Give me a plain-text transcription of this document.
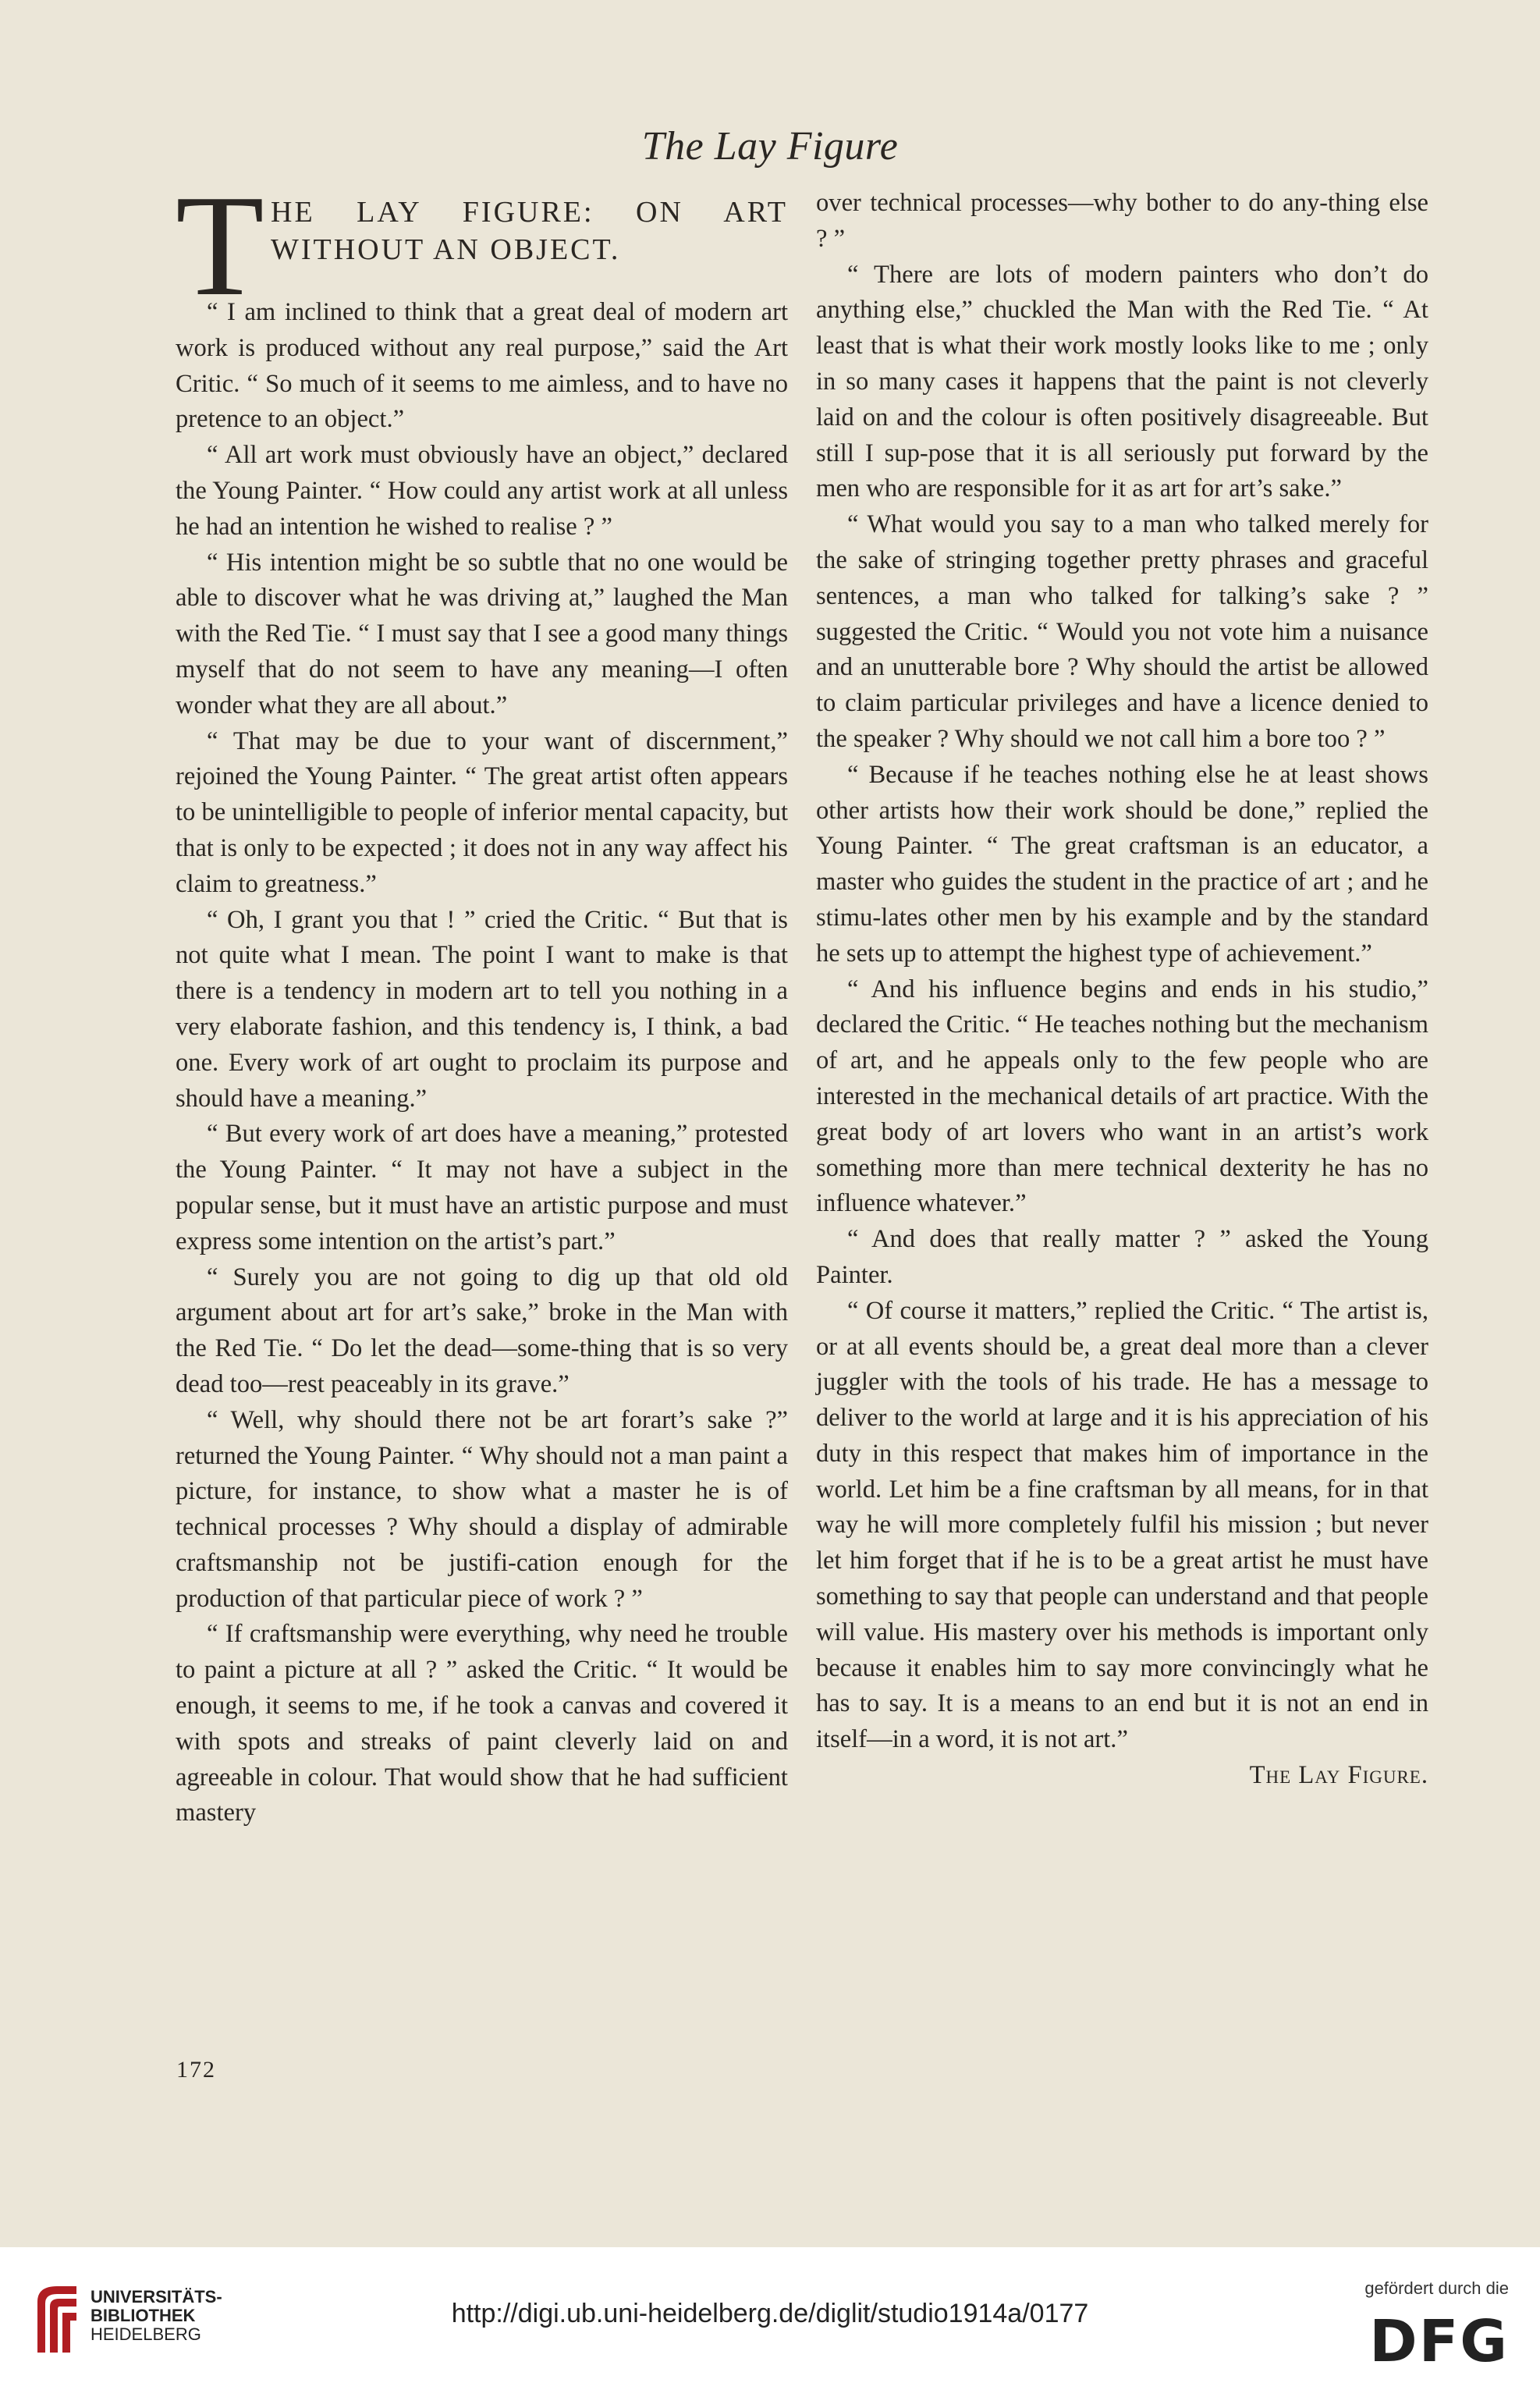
The Lay Figure
T HE LAY FIGURE: ON ART
WITHOUT AN OBJECT.

“ I am inclined to think that a great deal of modern art work is produced without any real purpose,” said the Art Critic. “ So much of it seems to me aimless, and to have no pretence to an object.”

“ All art work must obviously have an object,” declared the Young Painter. “ How could any artist work at all unless he had an intention he wished to realise ? ”

“ His intention might be so subtle that no one would be able to discover what he was driving at,” laughed the Man with the Red Tie. “ I must say that I see a good many things myself that do not seem to have any meaning—I often wonder what they are all about.”

“ That may be due to your want of discernment,” rejoined the Young Painter. “ The great artist often appears to be unintelligible to people of inferior mental capacity, but that is only to be expected ; it does not in any way affect his claim to greatness.”

“ Oh, I grant you that ! ” cried the Critic. “ But that is not quite what I mean. The point I want to make is that there is a tendency in modern art to tell you nothing in a very elaborate fashion, and this tendency is, I think, a bad one. Every work of art ought to proclaim its purpose and should have a meaning.”

“ But every work of art does have a meaning,” protested the Young Painter. “ It may not have a subject in the popular sense, but it must have an artistic purpose and must express some intention on the artist’s part.”

“ Surely you are not going to dig up that old old argument about art for art’s sake,” broke in the Man with the Red Tie. “ Do let the dead—some-thing that is so very dead too—rest peaceably in its grave.”

“ Well, why should there not be art forart’s sake ?” returned the Young Painter. “ Why should not a man paint a picture, for instance, to show what a master he is of technical processes ? Why should a display of admirable craftsmanship not be justifi-cation enough for the production of that particular piece of work ? ”

“ If craftsmanship were everything, why need he trouble to paint a picture at all ? ” asked the Critic. “ It would be enough, it seems to me, if he took a canvas and covered it with spots and streaks of paint cleverly laid on and agreeable in colour. That would show that he had sufficient mastery

over technical processes—why bother to do any-thing else ? ”

“ There are lots of modern painters who don’t do anything else,” chuckled the Man with the Red Tie. “ At least that is what their work mostly looks like to me ; only in so many cases it happens that the paint is not cleverly laid on and the colour is often positively disagreeable. But still I sup-pose that it is all seriously put forward by the men who are responsible for it as art for art’s sake.”

“ What would you say to a man who talked merely for the sake of stringing together pretty phrases and graceful sentences, a man who talked for talking’s sake ? ” suggested the Critic. “ Would you not vote him a nuisance and an unutterable bore ? Why should the artist be allowed to claim particular privileges and have a licence denied to the speaker ? Why should we not call him a bore too ? ”

“ Because if he teaches nothing else he at least shows other artists how their work should be done,” replied the Young Painter. “ The great craftsman is an educator, a master who guides the student in the practice of art ; and he stimu-lates other men by his example and by the standard he sets up to attempt the highest type of achievement.”

“ And his influence begins and ends in his studio,” declared the Critic. “ He teaches nothing but the mechanism of art, and he appeals only to the few people who are interested in the mechanical details of art practice. With the great body of art lovers who want in an artist’s work something more than mere technical dexterity he has no influence whatever.”

“ And does that really matter ? ” asked the Young Painter.

“ Of course it matters,” replied the Critic. “ The artist is, or at all events should be, a great deal more than a clever juggler with the tools of his trade. He has a message to deliver to the world at large and it is his appreciation of his duty in this respect that makes him of importance in the world. Let him be a fine craftsman by all means, for in that way he will more completely fulfil his mission ; but never let him forget that if he is to be a great artist he must have something to say that people can understand and that people will value. His mastery over his methods is important only because it enables him to say more convincingly what he has to say. It is a means to an end but it is not an end in itself—in a word, it is not art.”

The Lay Figure.

172
UNIVERSITÄTS-
BIBLIOTHEK
HEIDELBERG
http://digi.ub.uni-heidelberg.de/diglit/studio1914a/0177
gefördert durch die
DFG
